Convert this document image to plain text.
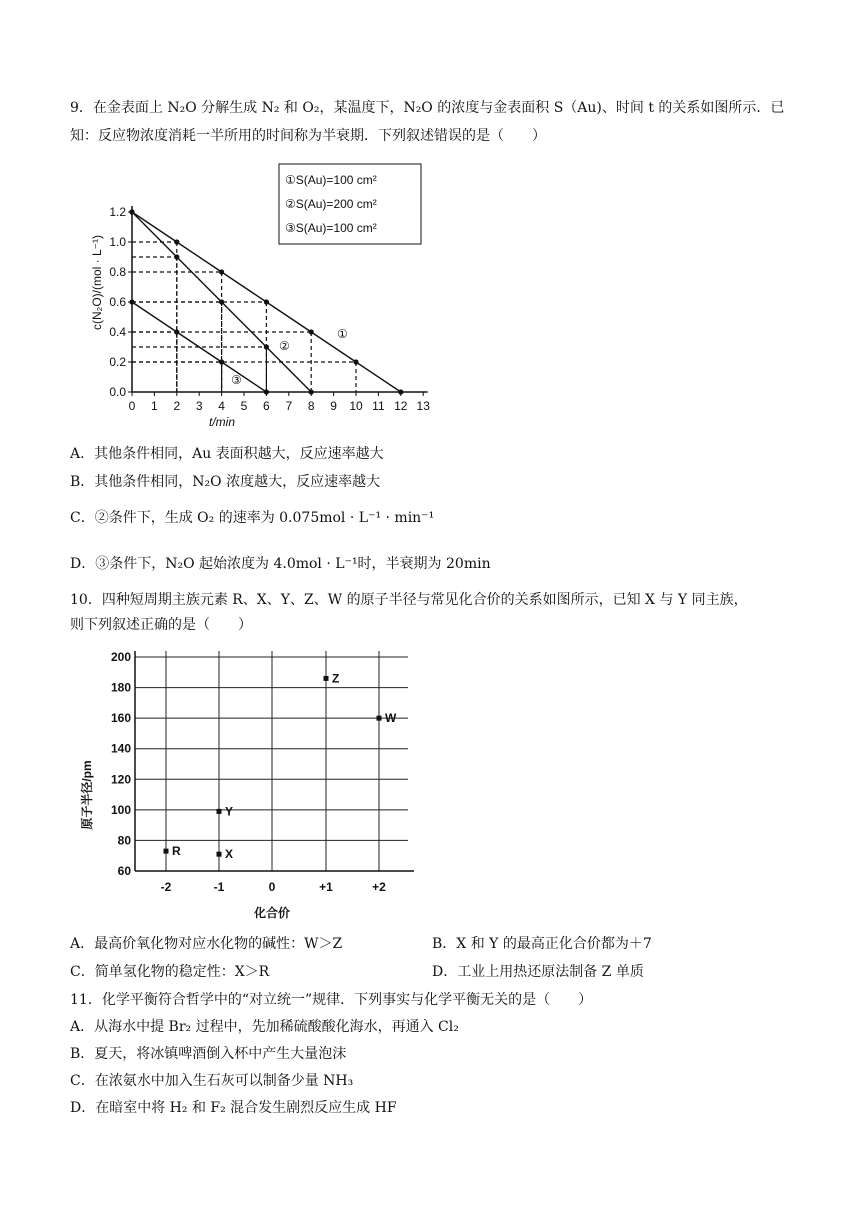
9．在金表面上 N₂O 分解生成 N₂ 和 O₂，某温度下，N₂O 的浓度与金表面积 S（Au)、时间 t 的关系如图所示．已
知：反应物浓度消耗一半所用的时间称为半衰期．下列叙述错误的是（　　）
0 1 2 3 4 5 6 7 8 9 10 11 12 13
0.0
0.2
0.4
0.6
0.8
1.0
1.2
①S(Au)=100 cm²
②S(Au)=200 cm²
③S(Au)=100 cm²
①
②
③
c(N₂O)/(mol · L⁻¹)
t/min
A．其他条件相同，Au 表面积越大，反应速率越大
B．其他条件相同，N₂O 浓度越大，反应速率越大
C．②条件下，生成 O₂ 的速率为 0.075mol · L⁻¹ · min⁻¹
D．③条件下，N₂O 起始浓度为 4.0mol · L⁻¹时，半衰期为 20min
10．四种短周期主族元素 R、X、Y、Z、W 的原子半径与常见化合价的关系如图所示，已知 X 与 Y 同主族，
则下列叙述正确的是（　　）
60
80
100
120
140
160
180
200
-2	-1	0	+1	+2
R	X
Y
Z
W
原子半径/pm
化合价
A．最高价氧化物对应水化物的碱性：W＞Z	B．X 和 Y 的最高正化合价都为＋7
C．简单氢化物的稳定性：X＞R	D．工业上用热还原法制备 Z 单质
11．化学平衡符合哲学中的“对立统一”规律．下列事实与化学平衡无关的是（　　）
A．从海水中提 Br₂ 过程中，先加稀硫酸酸化海水，再通入 Cl₂
B．夏天，将冰镇啤酒倒入杯中产生大量泡沫
C．在浓氨水中加入生石灰可以制备少量 NH₃
D．在暗室中将 H₂ 和 F₂ 混合发生剧烈反应生成 HF
